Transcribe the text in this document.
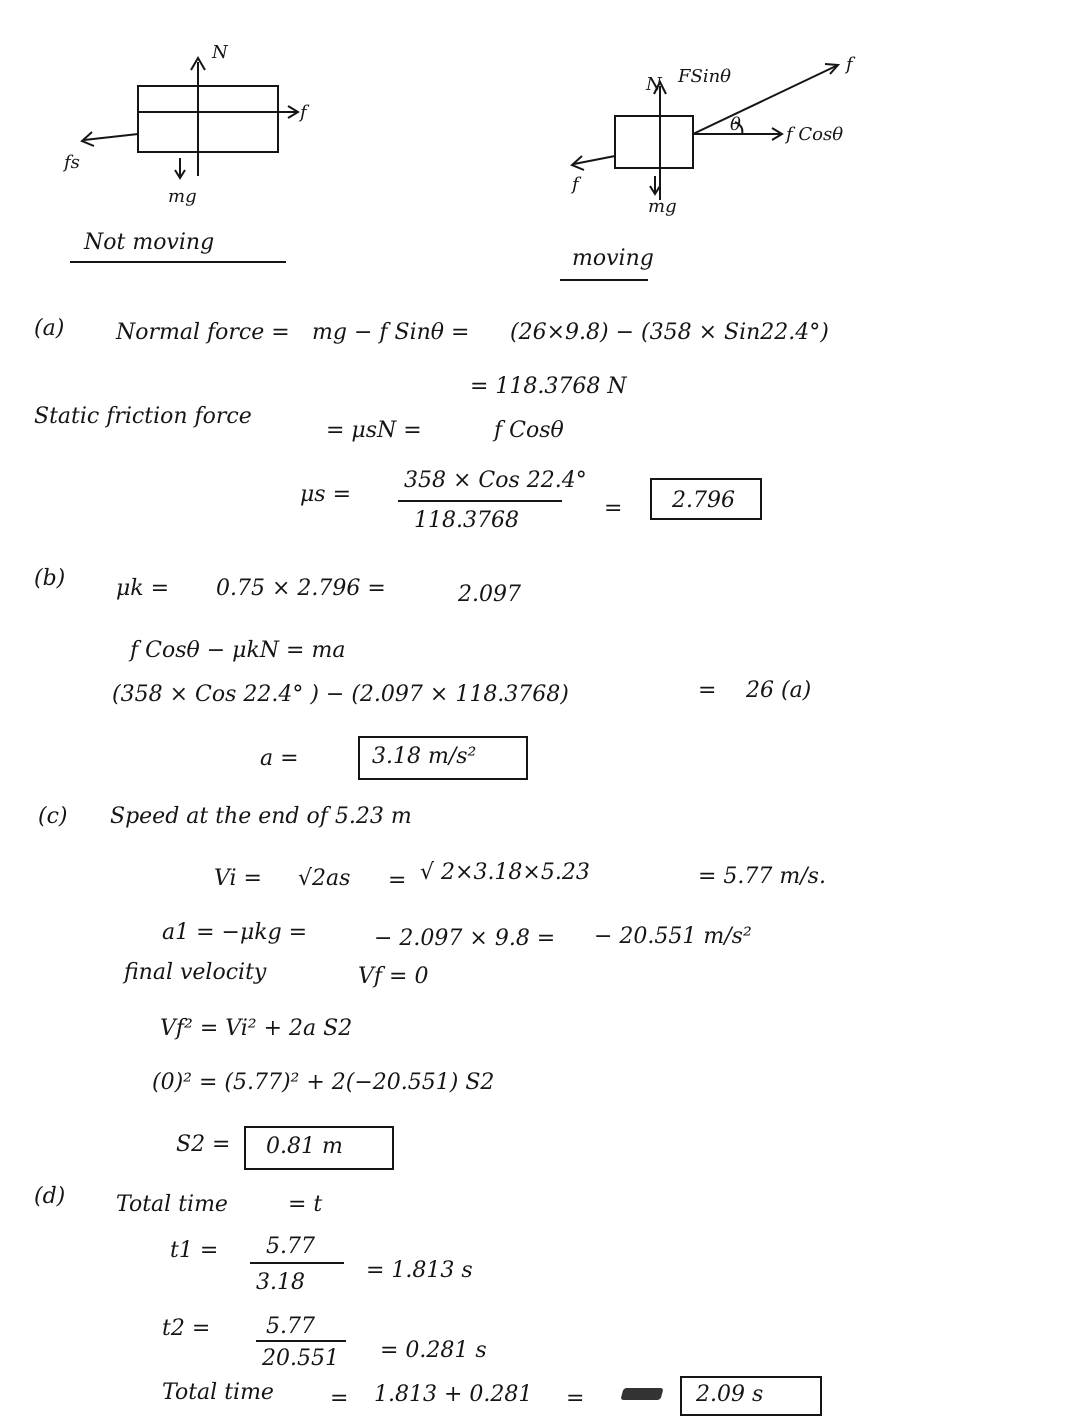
N
f
fs
mg
Not moving
N FSinθ
f
θ	f Cosθ
f
mg
moving
(a) Normal force = mg − f Sinθ = (26×9.8) − (358 × Sin22.4°)
= 118.3768 N
Static friction force
= μsN =	f Cosθ
μs =
358 × Cos 22.4°
118.3768	= 2.796
(b) μk = 0.75 × 2.796 =	2.097
f Cosθ − μkN = ma
(358 × Cos 22.4° ) − (2.097 × 118.3768)	= 26 (a)
a =	3.18 m/s²
(c) Speed at the end of 5.23 m
Vi = √2as = √ 2×3.18×5.23	= 5.77 m/s.
a1 = −μkg =	− 2.097 × 9.8 = − 20.551 m/s²
final velocity	Vf = 0
Vf² = Vi² + 2a S2
(0)² = (5.77)² + 2(−20.551) S2
S2 = 0.81 m
(d) Total time	= t
t1 = 5.77
3.18	= 1.813 s
t2 =	5.77
20.551 = 0.281 s
Total time	= 1.813 + 0.281 =	2.09 s
